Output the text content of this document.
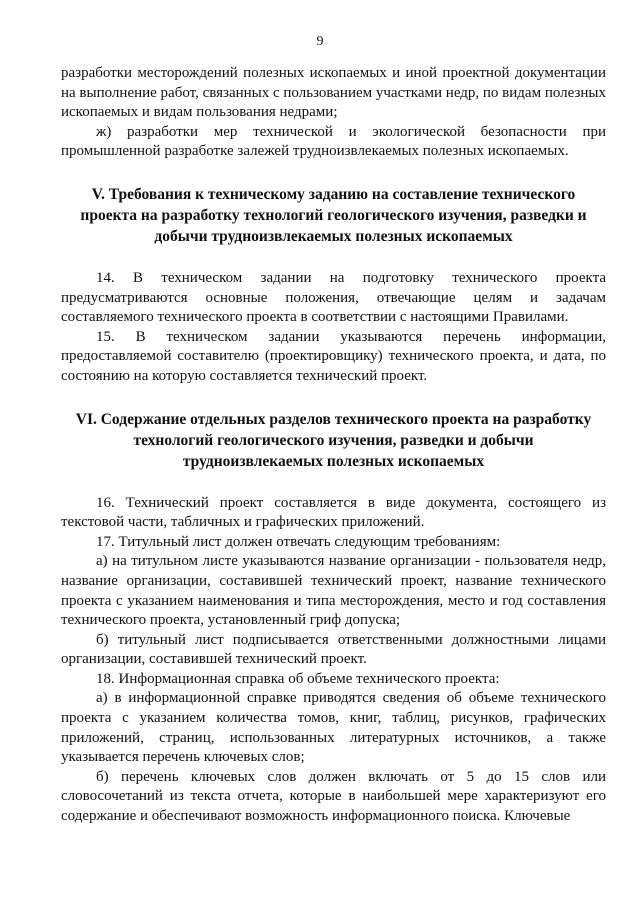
9

разработки месторождений полезных ископаемых и иной проектной документации на выполнение работ, связанных с пользованием участками недр, по видам полезных ископаемых и видам пользования недрами;

ж) разработки мер технической и экологической безопасности при промышленной разработке залежей трудноизвлекаемых полезных ископаемых.

V. Требования к техническому заданию на составление технического проекта на разработку технологий геологического изучения, разведки и добычи трудноизвлекаемых полезных ископаемых

14. В техническом задании на подготовку технического проекта предусматриваются основные положения, отвечающие целям и задачам составляемого технического проекта в соответствии с настоящими Правилами.

15. В техническом задании указываются перечень информации, предоставляемой составителю (проектировщику) технического проекта, и дата, по состоянию на которую составляется технический проект.

VI. Содержание отдельных разделов технического проекта на разработку технологий геологического изучения, разведки и добычи трудноизвлекаемых полезных ископаемых

16. Технический проект составляется в виде документа, состоящего из текстовой части, табличных и графических приложений.

17. Титульный лист должен отвечать следующим требованиям:

а) на титульном листе указываются название организации - пользователя недр, название организации, составившей технический проект, название технического проекта с указанием наименования и типа месторождения, место и год составления технического проекта, установленный гриф допуска;

б) титульный лист подписывается ответственными должностными лицами организации, составившей технический проект.

18. Информационная справка об объеме технического проекта:

а) в информационной справке приводятся сведения об объеме технического проекта с указанием количества томов, книг, таблиц, рисунков, графических приложений, страниц, использованных литературных источников, а также указывается перечень ключевых слов;

б) перечень ключевых слов должен включать от 5 до 15 слов или словосочетаний из текста отчета, которые в наибольшей мере характеризуют его содержание и обеспечивают возможность информационного поиска. Ключевые
